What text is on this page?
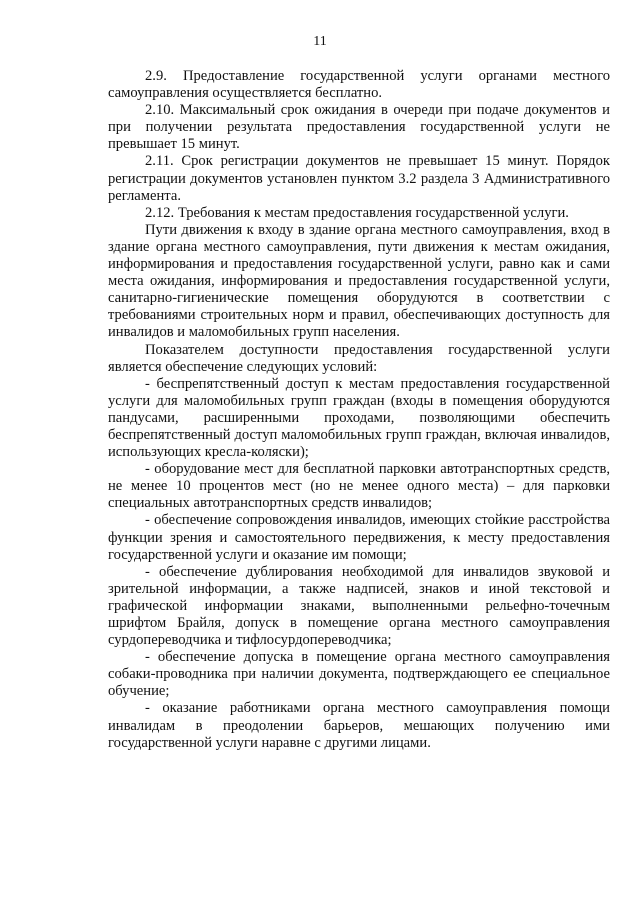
11

2.9. Предоставление государственной услуги органами местного самоуправления осуществляется бесплатно.

2.10. Максимальный срок ожидания в очереди при подаче документов и при получении результата предоставления государственной услуги не превышает 15 минут.

2.11. Срок регистрации документов не превышает 15 минут. Порядок регистрации документов установлен пунктом 3.2 раздела 3 Административного регламента.

2.12. Требования к местам предоставления государственной услуги.

Пути движения к входу в здание органа местного самоуправления, вход в здание органа местного самоуправления, пути движения к местам ожидания, информирования и предоставления государственной услуги, равно как и сами места ожидания, информирования и предоставления государственной услуги, санитарно-гигиенические помещения оборудуются в соответствии с требованиями строительных норм и правил, обеспечивающих доступность для инвалидов и маломобильных групп населения.

Показателем доступности предоставления государственной услуги является обеспечение следующих условий:

- беспрепятственный доступ к местам предоставления государственной услуги для маломобильных групп граждан (входы в помещения оборудуются пандусами, расширенными проходами, позволяющими обеспечить беспрепятственный доступ маломобильных групп граждан, включая инвалидов, использующих кресла-коляски);

- оборудование мест для бесплатной парковки автотранспортных средств, не менее 10 процентов мест (но не менее одного места) – для парковки специальных автотранспортных средств инвалидов;

- обеспечение сопровождения инвалидов, имеющих стойкие расстройства функции зрения и самостоятельного передвижения, к месту предоставления государственной услуги и оказание им помощи;

- обеспечение дублирования необходимой для инвалидов звуковой и зрительной информации, а также надписей, знаков и иной текстовой и графической информации знаками, выполненными рельефно-точечным шрифтом Брайля, допуск в помещение органа местного самоуправления сурдопереводчика и тифлосурдопереводчика;

- обеспечение допуска в помещение органа местного самоуправления собаки-проводника при наличии документа, подтверждающего ее специальное обучение;

- оказание работниками органа местного самоуправления помощи инвалидам в преодолении барьеров, мешающих получению ими государственной услуги наравне с другими лицами.
